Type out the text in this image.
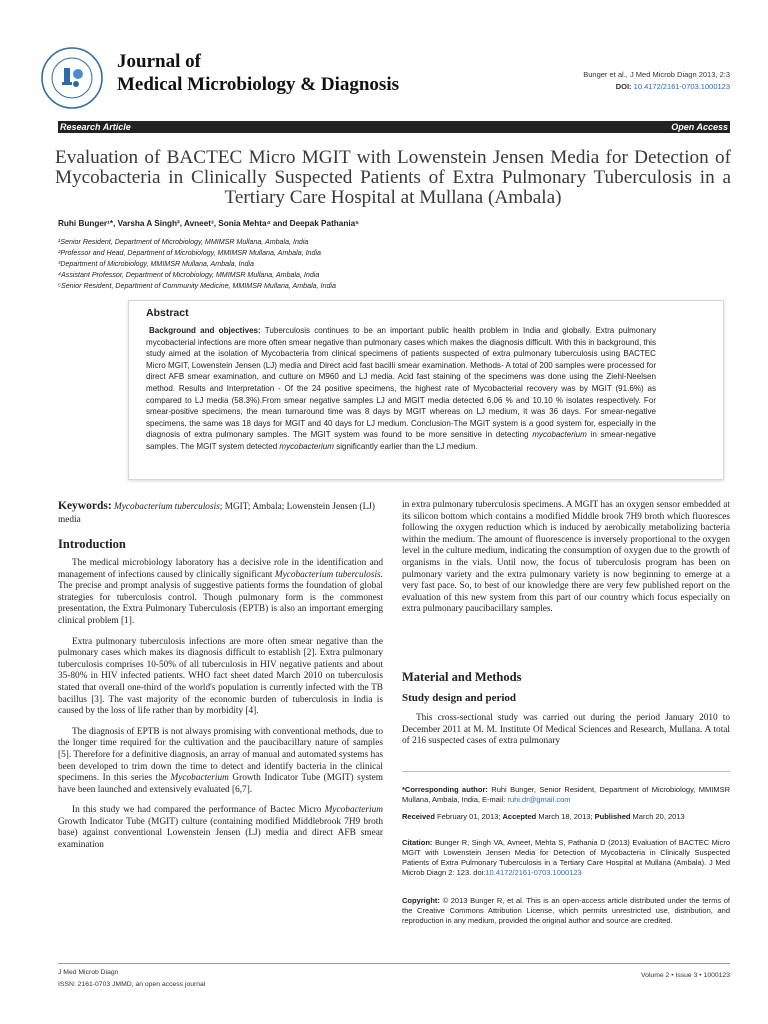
Journal of
Medical Microbiology & Diagnosis	Bunger et al., J Med Microb Diagn 2013, 2:3
DOI: 10.4172/2161-0703.1000123
Research Article	Open Access
Evaluation of BACTEC Micro MGIT with Lowenstein Jensen Media for Detection of Mycobacteria in Clinically Suspected Patients of Extra Pulmonary Tuberculosis in a Tertiary Care Hospital at Mullana (Ambala)
Ruhi Bunger¹*, Varsha A Singh², Avneet³, Sonia Mehta⁴ and Deepak Pathania⁵
¹Senior Resident, Department of Microbiology, MMIMSR Mullana, Ambala, India
²Professor and Head, Department of Microbiology, MMIMSR Mullana, Ambala, India
³Department of Microbiology, MMIMSR Mullana, Ambala, India
⁴Assistant Professor, Department of Microbiology, MMIMSR Mullana, Ambala, India
⁵Senior Resident, Department of Community Medicine, MMIMSR Mullana, Ambala, India
Abstract
Background and objectives: Tuberculosis continues to be an important public health problem in India and globally. Extra pulmonary mycobacterial infections are more often smear negative than pulmonary cases which makes the diagnosis difficult. With this in background, this study aimed at the isolation of Mycobacteria from clinical specimens of patients suspected of extra pulmonary tuberculosis using BACTEC Micro MGIT, Lowenstein Jensen (LJ) media and Direct acid fast bacilli smear examination. Methods- A total of 200 samples were processed for direct AFB smear examination, and culture on M960 and LJ media. Acid fast staining of the specimens was done using the Ziehl-Neelsen method. Results and Interpretation - Of the 24 positive specimens, the highest rate of Mycobacterial recovery was by MGIT (91.6%) as compared to LJ media (58.3%).From smear negative samples LJ and MGIT media detected 6.06 % and 10.10 % isolates respectively. For smear-positive specimens, the mean turnaround time was 8 days by MGIT whereas on LJ medium, it was 36 days. For smear-negative specimens, the same was 18 days for MGIT and 40 days for LJ medium. Conclusion-The MGIT system is a good system for, especially in the diagnosis of extra pulmonary samples. The MGIT system was found to be more sensitive in detecting mycobacterium in smear-negative samples. The MGIT system detected mycobacterium significantly earlier than the LJ medium.
Keywords: Mycobacterium tuberculosis; MGIT; Ambala; Lowenstein Jensen (LJ) media
Introduction

The medical microbiology laboratory has a decisive role in the identification and management of infections caused by clinically significant Mycobacterium tuberculosis. The precise and prompt analysis of suggestive patients forms the foundation of global strategies for tuberculosis control. Though pulmonary form is the commonest presentation, the Extra Pulmonary Tuberculosis (EPTB) is also an important emerging clinical problem [1].

Extra pulmonary tuberculosis infections are more often smear negative than the pulmonary cases which makes its diagnosis difficult to establish [2]. Extra pulmonary tuberculosis comprises 10-50% of all tuberculosis in HIV negative patients and about 35-80% in HIV infected patients. WHO fact sheet dated March 2010 on tuberculosis stated that overall one-third of the world's population is currently infected with the TB bacillus [3]. The vast majority of the economic burden of tuberculosis in India is caused by the loss of life rather than by morbidity [4].

The diagnosis of EPTB is not always promising with conventional methods, due to the longer time required for the cultivation and the paucibacillary nature of samples [5]. Therefore for a definitive diagnosis, an array of manual and automated systems has been developed to trim down the time to detect and identify bacteria in the clinical specimens. In this series the Mycobacterium Growth Indicator Tube (MGIT) system have been launched and extensively evaluated [6,7].

In this study we had compared the performance of Bactec Micro Mycobacterium Growth Indicator Tube (MGIT) culture (containing modified Middlebrook 7H9 broth base) against conventional Lowenstein Jensen (LJ) media and direct AFB smear examination

in extra pulmonary tuberculosis specimens. A MGIT has an oxygen sensor embedded at its silicon bottom which contains a modified Middle brook 7H9 broth which fluoresces following the oxygen reduction which is induced by aerobically metabolizing bacteria within the medium. The amount of fluorescence is inversely proportional to the oxygen level in the culture medium, indicating the consumption of oxygen due to the growth of organisms in the vials. Until now, the focus of tuberculosis program has been on pulmonary variety and the extra pulmonary variety is now beginning to emerge at a very fast pace. So, to best of our knowledge there are very few published report on the evaluation of this new system from this part of our country which focus especially on extra pulmonary paucibacillary samples.

Material and Methods
Study design and period

This cross-sectional study was carried out during the period January 2010 to December 2011 at M. M. Institute Of Medical Sciences and Research, Mullana. A total of 216 suspected cases of extra pulmonary

*Corresponding author: Ruhi Bunger, Senior Resident, Department of Microbiology, MMIMSR Mullana, Ambala, India, E-mail: ruhi.dr@gmail.com
Received February 01, 2013; Accepted March 18, 2013; Published March 20, 2013
Citation: Bunger R, Singh VA, Avneet, Mehta S, Pathania D (2013) Evaluation of BACTEC Micro MGIT with Lowenstein Jensen Media for Detection of Mycobacteria in Clinically Suspected Patients of Extra Pulmonary Tuberculosis in a Tertiary Care Hospital at Mullana (Ambala). J Med Microb Diagn 2: 123. doi:10.4172/2161-0703.1000123
Copyright: © 2013 Bunger R, et al. This is an open-access article distributed under the terms of the Creative Commons Attribution License, which permits unrestricted use, distribution, and reproduction in any medium, provided the original author and source are credited.
J Med Microb Diagn
ISSN: 2161-0703 JMMD, an open access journal
Volume 2 • Issue 3 • 1000123
